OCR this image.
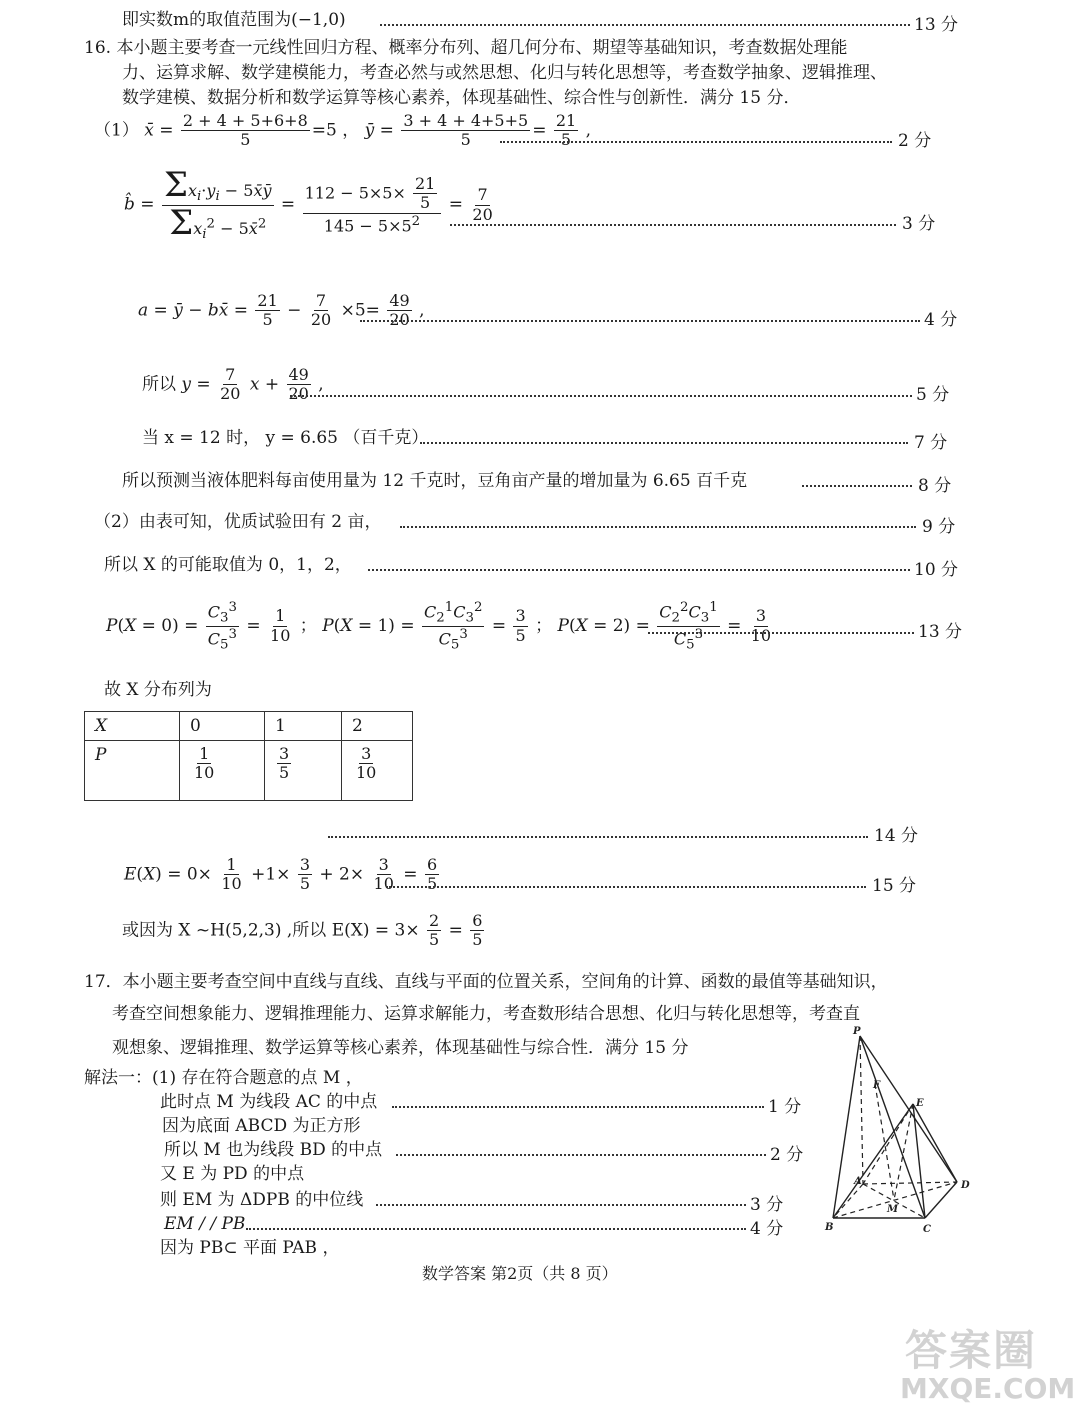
即实数m的取值范围为(−1,0)	13 分
16. 本小题主要考查一元线性回归方程、概率分布列、超几何分布、期望等基础知识，考查数据处理能
力、运算求解、数学建模能力，考查必然与或然思想、化归与转化思想等，考查数学抽象、逻辑推理、
数学建模、数据分析和数学运算等核心素养，体现基础性、综合性与创新性．满分 15 分．
（1） x̄ = $\frac{2 + 4 + 5+6+8}{5} =5$ ， ȳ = $\frac{3 + 4 + 4+5+5}{5} = \frac{21}{5}$ ,
2 分
b̂ = $\Sigma x_i\cdot y_i$ − 5x̄ȳ
$\Sigma x_i^2$ − 5x̄$^2$
= $\frac{112 - 5\times 5\times \frac{21}{5}}{145 - 5\times 5^2} = \frac{7}{20}$
3 分
a = ȳ − bx̄ = $\frac{21}{5} - \frac{7}{20} \times 5= \frac{49}{20}$ ,	4 分
所以 $y = \frac{7}{20}$ $x + \frac{49}{20}$ ,
5 分
当 x = 12 时， y = 6.65 （百千克）	7 分
所以预测当液体肥料每亩使用量为 12 千克时，豆角亩产量的增加量为 6.65 百千克	8 分
（2）由表可知，优质试验田有 2 亩，	9 分
所以 X 的可能取值为 0，1，2，	10 分
$P(X = 0) = \frac{C_3^3}{C_5^3} = \frac{1}{10}$ ； $P(X = 1) = \frac{C_2^1C_3^2}{C_5^3} = \frac{3}{5}$ ； $P(X = 2) = \frac{C_2^2C_3^1}{C_5^3} = \frac{3}{10}$	13 分
故 X 分布列为
X	0	1	2
P	$\frac{1}{10}$	$\frac{3}{5}$	$\frac{3}{10}$
14 分
$E(X) = 0\times \frac{1}{10} +1\times \frac{3}{5} + 2\times \frac{3}{10} = \frac{6}{5}$	15 分
或因为 X ~H(5,2,3) ,所以 $E(X) = 3\times \frac{2}{5} = \frac{6}{5}$
17．本小题主要考查空间中直线与直线、直线与平面的位置关系，空间角的计算、函数的最值等基础知识，
考查空间想象能力、逻辑推理能力、运算求解能力，考查数形结合思想、化归与转化思想等，考查直
观想象、逻辑推理、数学运算等核心素养，体现基础性与综合性．满分 15 分
解法一：(1) 存在符合题意的点 M ，
此时点 M 为线段 AC 的中点	1 分
因为底面 ABCD 为正方形
所以 M 也为线段 BD 的中点	2 分
又 E 为 PD 的中点
则 EM 为 ΔDPB 的中位线	3 分
EM / / PB	4 分
因为 PB⊂ 平面 PAB ，
P
F
E
A	D
M
B	C
数学答案 第2页（共 8 页）
答案圈
MXQE.COM
